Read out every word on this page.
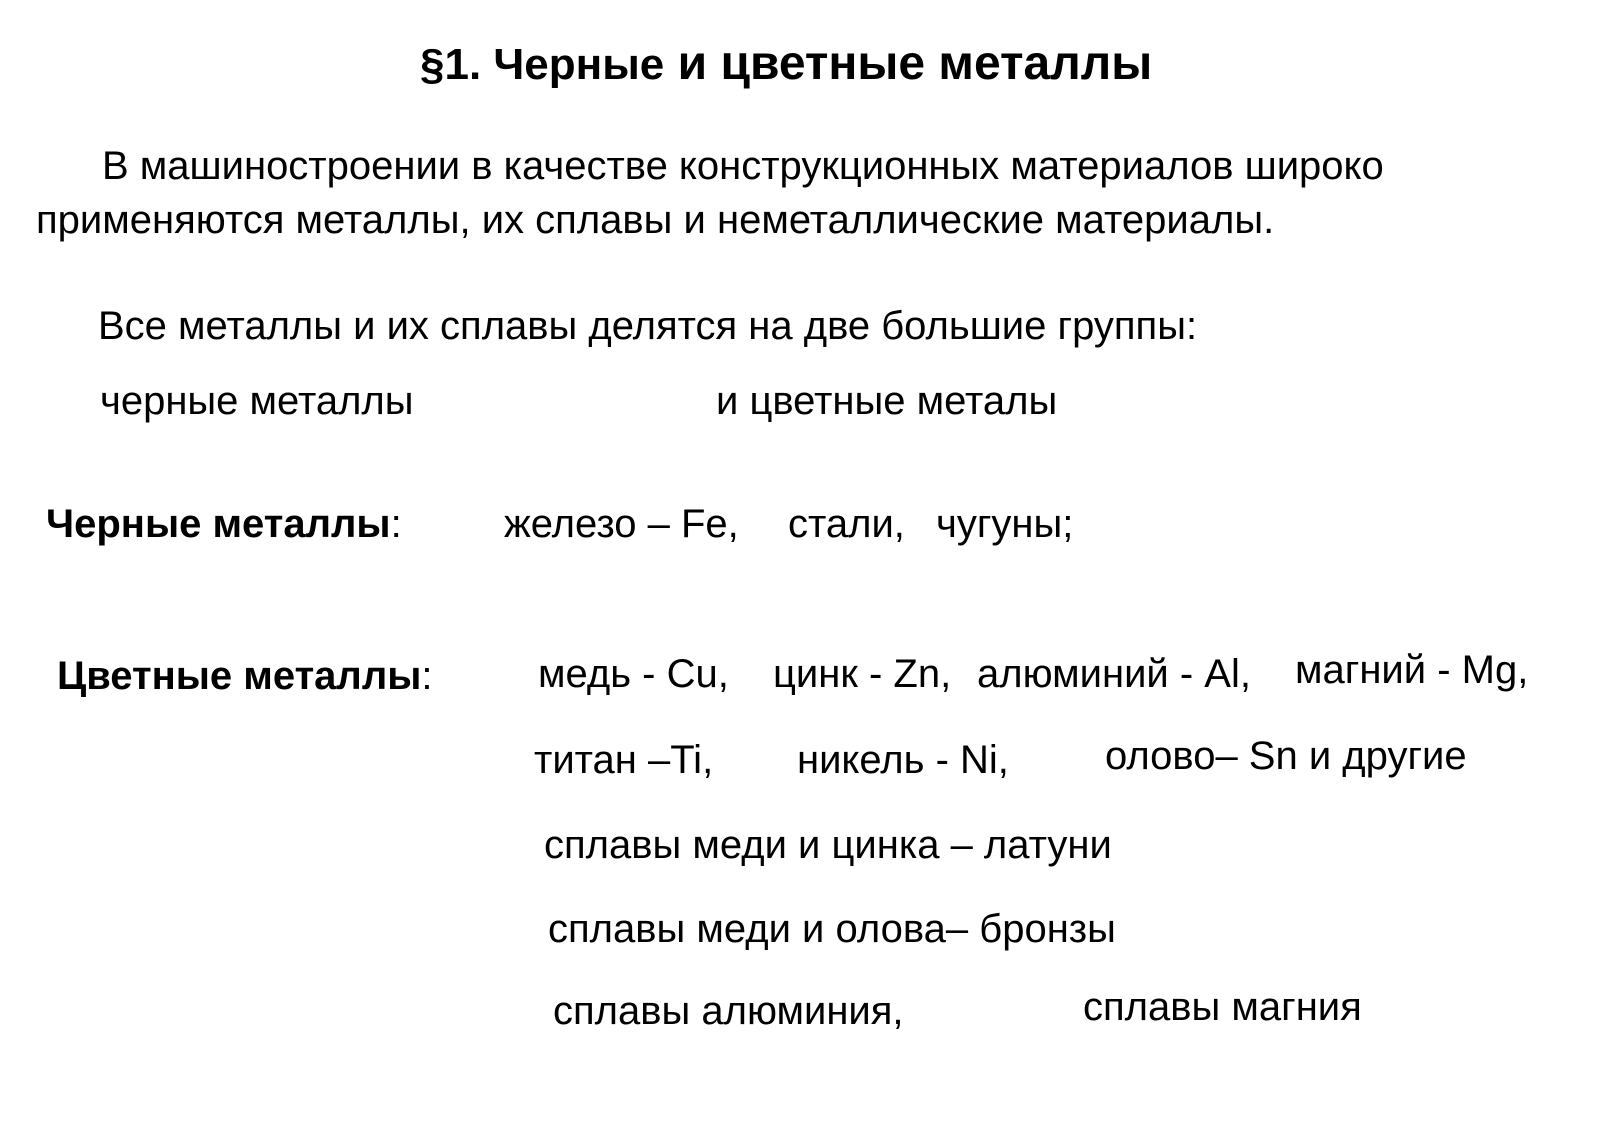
§1. Черные и цветные металлы
В машиностроении в качестве конструкционных материалов широко
применяются металлы, их сплавы и неметаллические материалы.
Все металлы и их сплавы делятся на две большие группы:
черные металлы	и цветные металы
Черные металлы:	железо – Fe, стали, чугуны;
Цветные металлы:	медь - Cu, цинк - Zn, алюминий - Al, магний - Mg,
титан –Ti, никель - Ni, олово– Sn и другие
сплавы меди и цинка – латуни
сплавы меди и олова– бронзы
сплавы алюминия,	сплавы магния
